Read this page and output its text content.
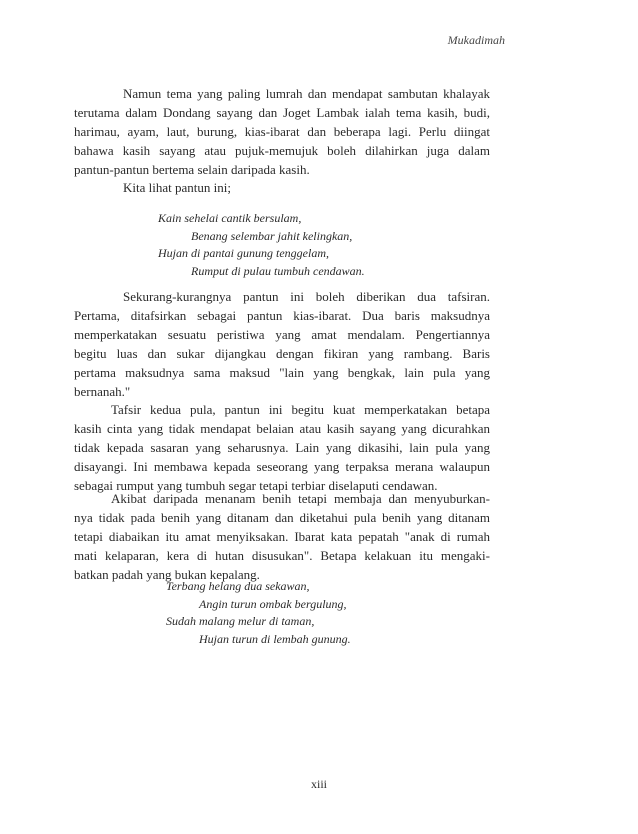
Mukadimah
Namun tema yang paling lumrah dan mendapat sambutan khalayak
terutama dalam Dondang sayang dan Joget Lambak ialah tema kasih, budi,
harimau, ayam, laut, burung, kias-ibarat dan beberapa lagi. Perlu diingat
bahawa kasih sayang atau pujuk-memujuk boleh dilahirkan juga dalam
pantun-pantun bertema selain daripada kasih.
Kita lihat pantun ini;
Kain sehelai cantik bersulam,
Benang selembar jahit kelingkan,
Hujan di pantai gunung tenggelam,
Rumput di pulau tumbuh cendawan.
Sekurang-kurangnya pantun ini boleh diberikan dua tafsiran.
Pertama, ditafsirkan sebagai pantun kias-ibarat. Dua baris maksudnya
memperkatakan sesuatu peristiwa yang amat mendalam. Pengertiannya
begitu luas dan sukar dijangkau dengan fikiran yang rambang. Baris
pertama maksudnya sama maksud "lain yang bengkak, lain pula yang
bernanah."
Tafsir kedua pula, pantun ini begitu kuat memperkatakan betapa
kasih cinta yang tidak mendapat belaian atau kasih sayang yang dicurahkan
tidak kepada sasaran yang seharusnya. Lain yang dikasihi, lain pula yang
disayangi. Ini membawa kepada seseorang yang terpaksa merana walaupun
sebagai rumput yang tumbuh segar tetapi terbiar diselaputi cendawan.
Akibat daripada menanam benih tetapi membaja dan menyuburkan-
nya tidak pada benih yang ditanam dan diketahui pula benih yang ditanam
tetapi diabaikan itu amat menyiksakan. Ibarat kata pepatah "anak di rumah
mati kelaparan, kera di hutan disusukan". Betapa kelakuan itu mengaki-
batkan padah yang bukan kepalang.
Terbang helang dua sekawan,
Angin turun ombak bergulung,
Sudah malang melur di taman,
Hujan turun di lembah gunung.
xiii
